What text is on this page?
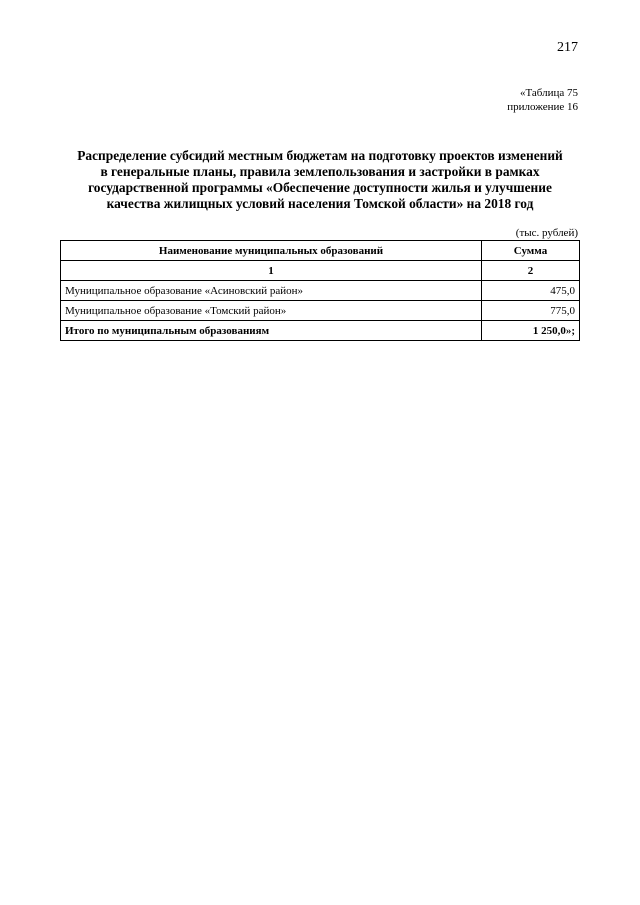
217
«Таблица 75
приложение 16
Распределение субсидий местным бюджетам на подготовку проектов изменений
в генеральные планы, правила землепользования и застройки в рамках
государственной программы «Обеспечение доступности жилья и улучшение
качества жилищных условий населения Томской области» на 2018 год
(тыс. рублей)
Наименование муниципальных образований	Сумма
1	2
Муниципальное образование «Асиновский район»	475,0
Муниципальное образование «Томский район»	775,0
Итого по муниципальным образованиям	1 250,0»;
